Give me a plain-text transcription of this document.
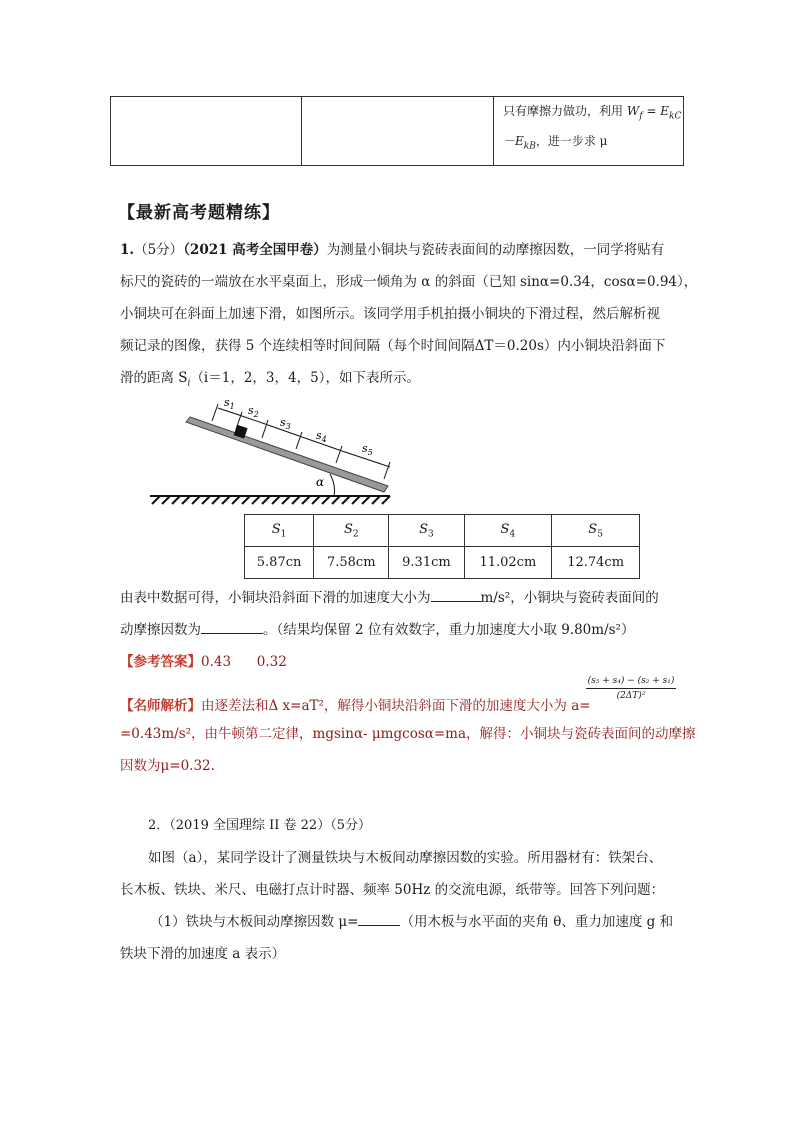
只有摩擦力做功，利用 $W_f = E_{kC}$
$-E_{kB}$，进一步求 μ
【最新高考题精练】
1.（5分）（2021 高考全国甲卷）为测量小铜块与瓷砖表面间的动摩擦因数，一同学将贴有
标尺的瓷砖的一端放在水平桌面上，形成一倾角为 α 的斜面（已知 sinα=0.34，cosα=0.94），
小铜块可在斜面上加速下滑，如图所示。该同学用手机拍摄小铜块的下滑过程，然后解析视
频记录的图像，获得 5 个连续相等时间间隔（每个时间间隔ΔT＝0.20s）内小铜块沿斜面下
滑的距离 $S_i(i=1$，2，3，4，5），如下表所示。
α
$s_1$ $s_2$
$s_3$
$s_4$
$s_5$
$S_1$	$S_2$	$S_3$	$S_4$	$S_5$
5.87cn	7.58cm	9.31cm	11.02cm	12.74cm
由表中数据可得，小铜块沿斜面下滑的加速度大小为	m/s²，小铜块与瓷砖表面间的
动摩擦因数为	。（结果均保留 2 位有效数字，重力加速度大小取 9.80m/s²）
【参考答案】0.43      0.32
【名师解析】由逐差法和Δ x=aT²，解得小铜块沿斜面下滑的加速度大小为 a=
$\frac{\text{(s₅ + s₄) − (s₂ + s₁)}}{\text{(2ΔT)²}}$
=0.43m/s²，由牛顿第二定律，mgsinα- μmgcosα=ma，解得：小铜块与瓷砖表面间的动摩擦
因数为μ=0.32.
2．（2019 全国理综 II 卷 22）（5分）
如图（a），某同学设计了测量铁块与木板间动摩擦因数的实验。所用器材有：铁架台、
长木板、铁块、米尺、电磁打点计时器、频率 50Hz 的交流电源，纸带等。回答下列问题：
（1）铁块与木板间动摩擦因数 μ=	（用木板与水平面的夹角 θ、重力加速度 g 和
铁块下滑的加速度 a 表示）
